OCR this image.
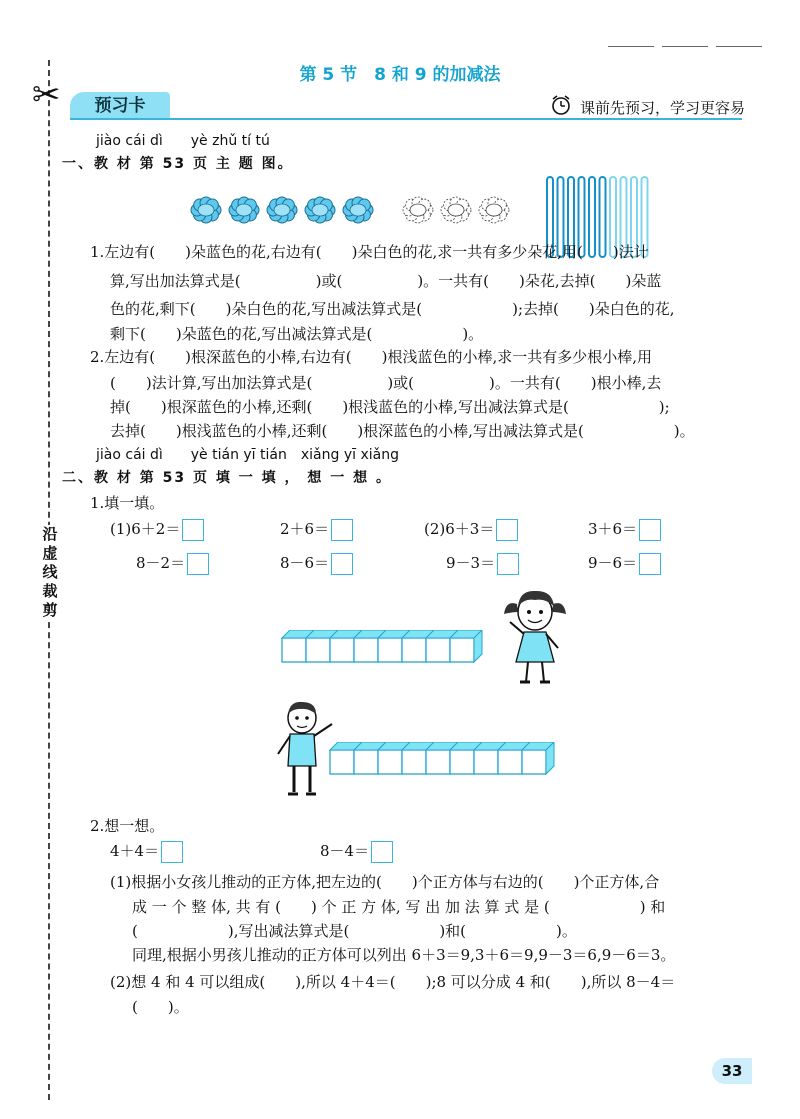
✂
沿虚线裁剪
第 5 节　8 和 9 的加减法
预习卡	课前先预习，学习更容易
jiào cái dì　　yè zhǔ tí tú
一、教 材 第 53 页 主 题 图。
1.左边有(　　)朵蓝色的花,右边有(　　)朵白色的花,求一共有多少朵花,用(　　)法计
算,写出加法算式是(　　　　　)或(　　　　　)。一共有(　　)朵花,去掉(　　)朵蓝
色的花,剩下(　　)朵白色的花,写出减法算式是(　　　　　　);去掉(　　)朵白色的花,
剩下(　　)朵蓝色的花,写出减法算式是(　　　　　　)。
2.左边有(　　)根深蓝色的小棒,右边有(　　)根浅蓝色的小棒,求一共有多少根小棒,用
(　　)法计算,写出加法算式是(　　　　　)或(　　　　　)。一共有(　　)根小棒,去
掉(　　)根深蓝色的小棒,还剩(　　)根浅蓝色的小棒,写出减法算式是(　　　　　　);
去掉(　　)根浅蓝色的小棒,还剩(　　)根深蓝色的小棒,写出减法算式是(　　　　　　)。
jiào cái dì　　yè tián yī tián　xiǎng yī xiǎng
二、教 材 第 53 页 填 一 填 ， 想 一 想 。
1.填一填。
(1)6＋2＝	2＋6＝	(2)6＋3＝	3＋6＝
8－2＝	8－6＝	9－3＝	9－6＝
2.想一想。
4＋4＝	8－4＝
(1)根据小女孩儿推动的正方体,把左边的(　　)个正方体与右边的(　　)个正方体,合
成 一 个 整 体, 共 有 (　　) 个 正 方 体, 写 出 加 法 算 式 是 (　　　　　　) 和
(　　　　　　),写出减法算式是(　　　　　　)和(　　　　　　)。
同理,根据小男孩儿推动的正方体可以列出 6＋3＝9,3＋6＝9,9－3＝6,9－6＝3。
(2)想 4 和 4 可以组成(　　),所以 4＋4＝(　　);8 可以分成 4 和(　　),所以 8－4＝
(　　)。
33
